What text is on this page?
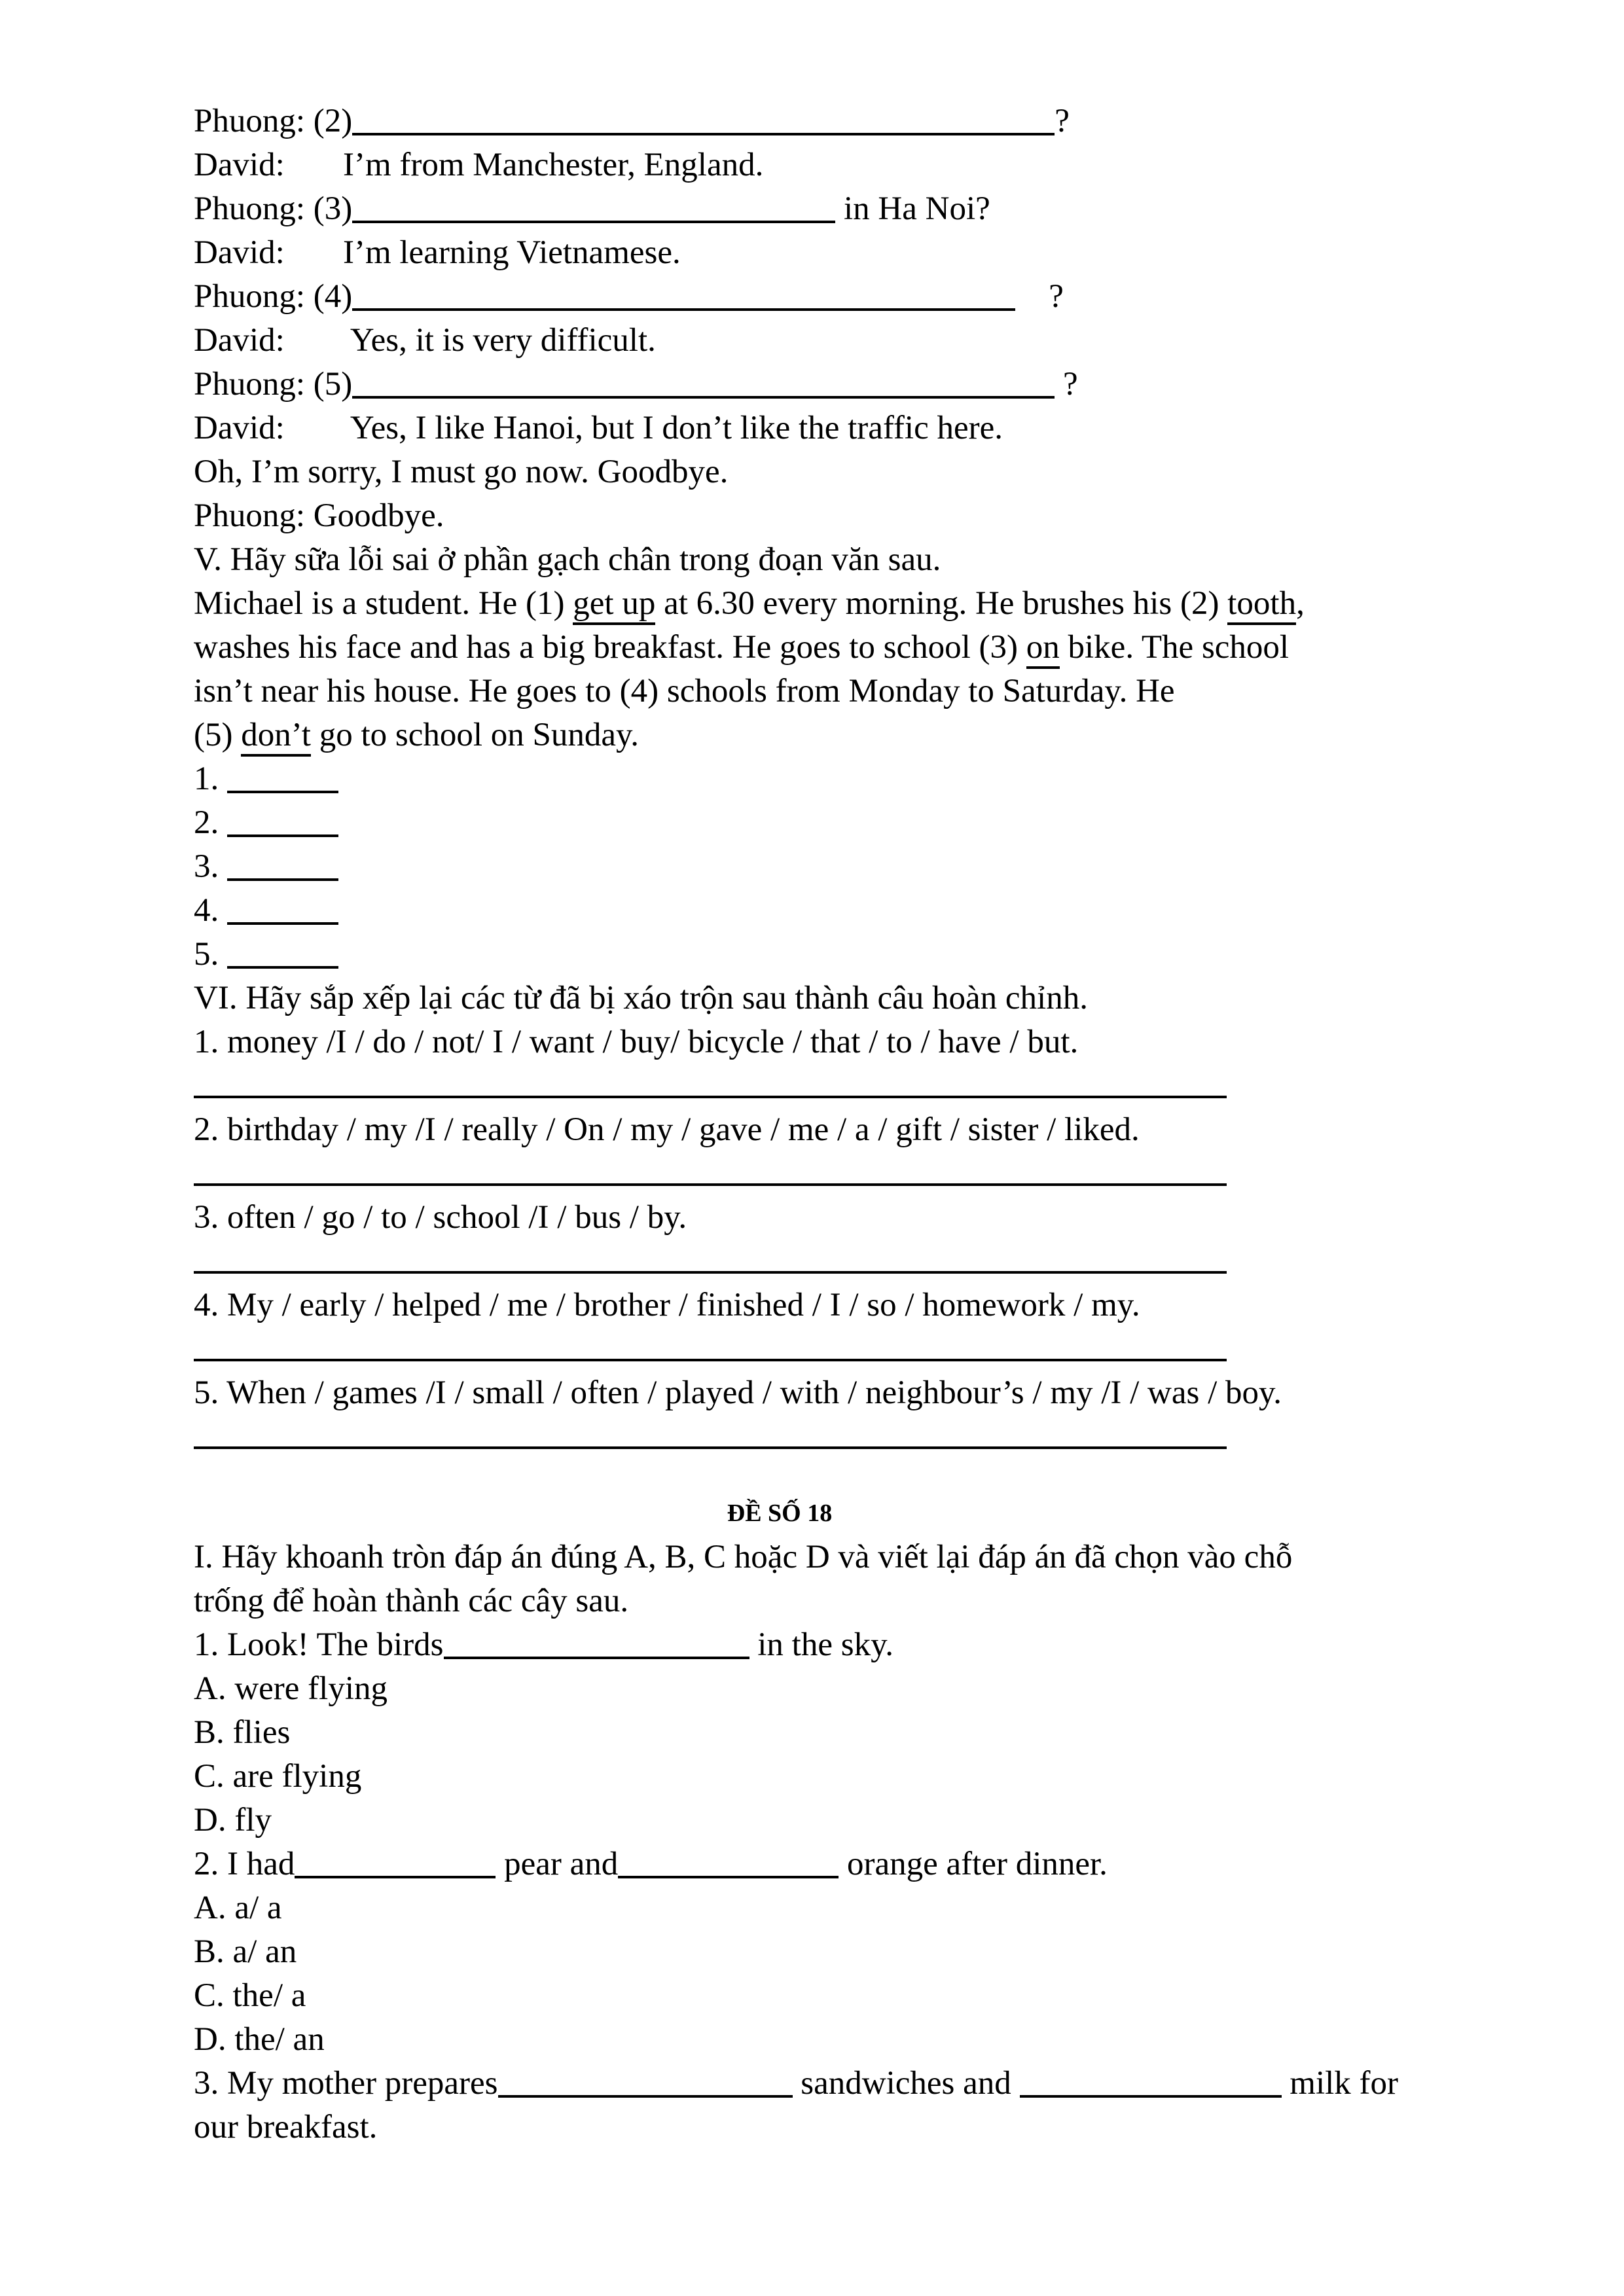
Phuong: (2)	?
David: I’m from Manchester, England.
Phuong: (3)	in Ha Noi?
David: I’m learning Vietnamese.
Phuong: (4)	?
David: Yes, it is very difficult.
Phuong: (5)	?
David: Yes, I like Hanoi, but I don’t like the traffic here.
Oh, I’m sorry, I must go now. Goodbye.
Phuong: Goodbye.
V. Hãy sữa lỗi sai ở phần gạch chân trong đoạn văn sau.
Michael is a student. He (1) get up at 6.30 every morning. He brushes his (2) tooth,
washes his face and has a big breakfast. He goes to school (3) on bike. The school
isn’t near his house. He goes to (4) schools from Monday to Saturday. He
(5) don’t go to school on Sunday.
1.
2.
3.
4.
5.
VI. Hãy sắp xếp lại các từ đã bị xáo trộn sau thành câu hoàn chỉnh.
1. money /I / do / not/ I / want / buy/ bicycle / that / to / have / but.
2. birthday / my /I / really / On / my / gave / me / a / gift / sister / liked.
3. often / go / to / school /I / bus / by.
4. My / early / helped / me / brother / finished / I / so / homework / my.
5. When / games /I / small / often / played / with / neighbour’s / my /I / was / boy.
ĐỀ SỐ 18
I. Hãy khoanh tròn đáp án đúng A, B, C hoặc D và viết lại đáp án đã chọn vào chỗ
trống để hoàn thành các cây sau.
1. Look! The birds	in the sky.
A. were flying
B. flies
C. are flying
D. fly
2. I had	pear and	orange after dinner.
A. a/ a
B. a/ an
C. the/ a
D. the/ an
3. My mother prepares	sandwiches and	milk for
our breakfast.
